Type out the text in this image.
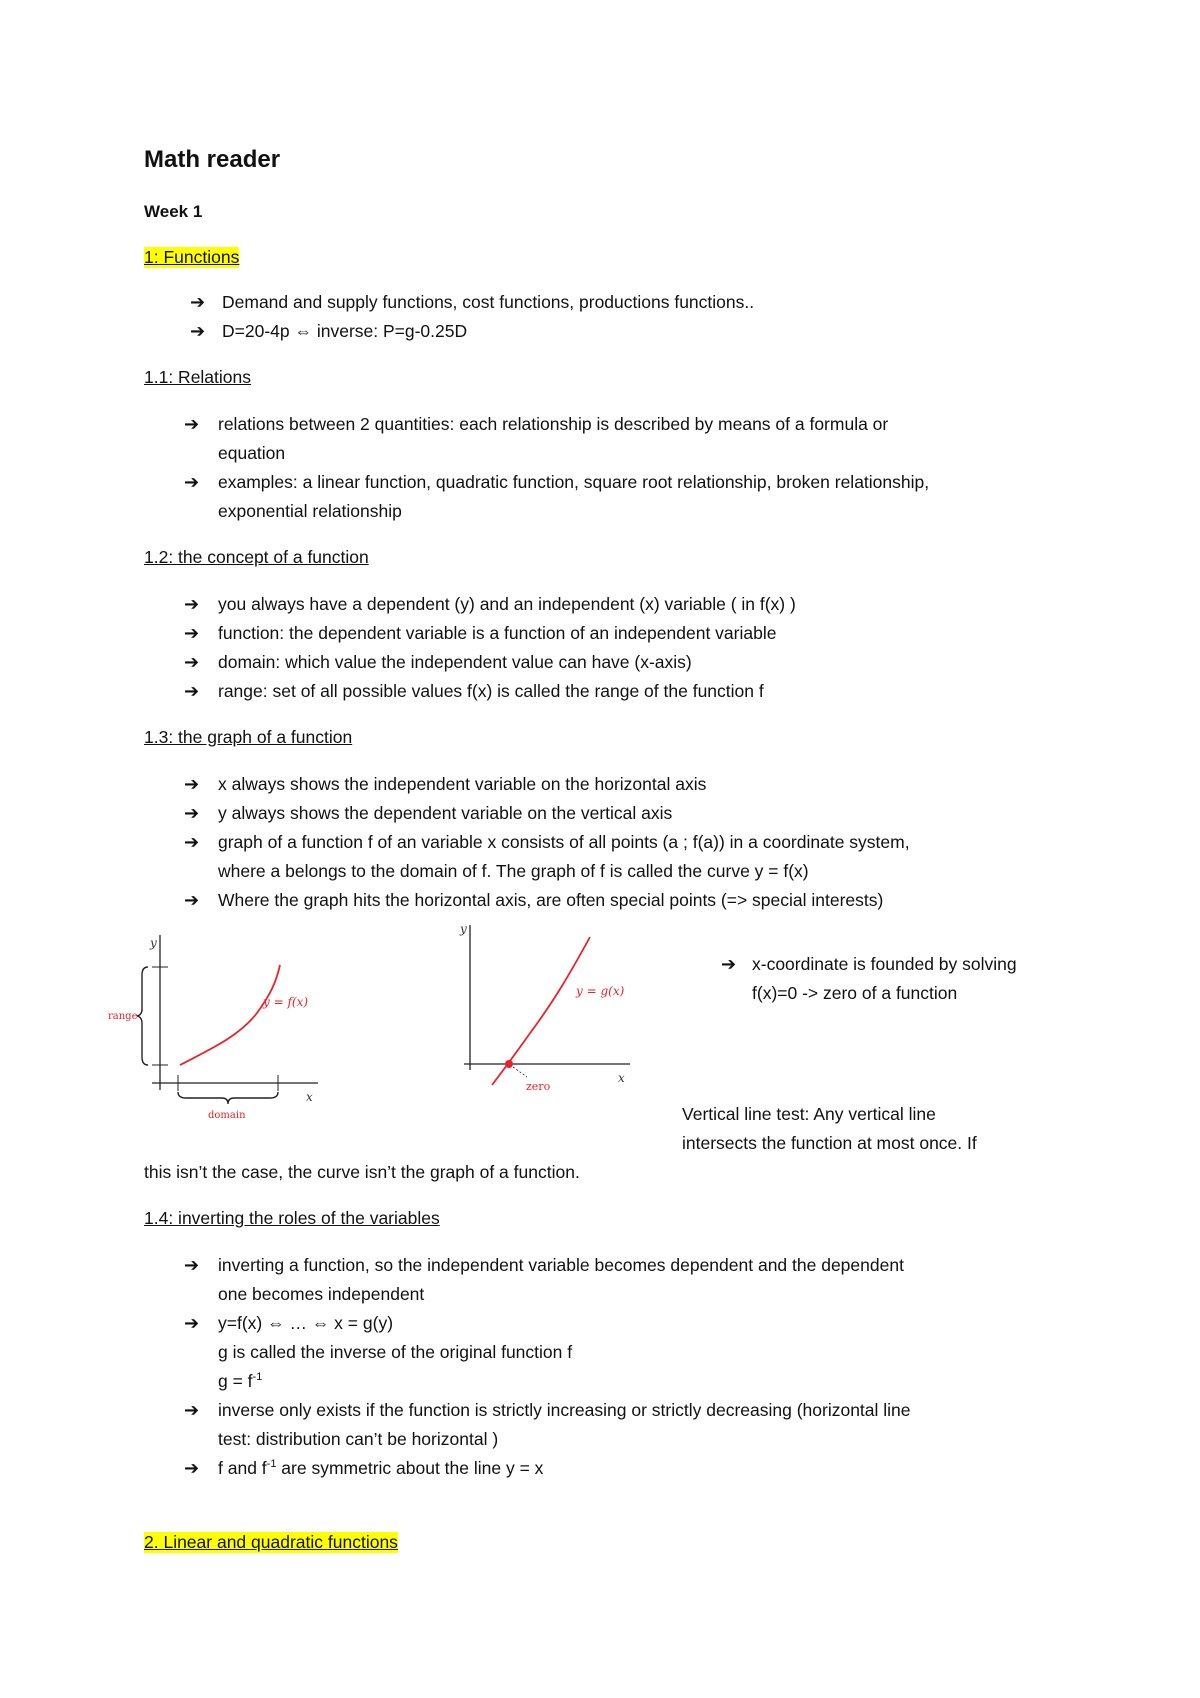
Math reader
Week 1
1: Functions
➔ Demand and supply functions, cost functions, productions functions..
➔ D=20-4p ⇔ inverse: P=g-0.25D
1.1: Relations
➔ relations between 2 quantities: each relationship is described by means of a formula or
equation
➔ examples: a linear function, quadratic function, square root relationship, broken relationship,
exponential relationship
1.2: the concept of a function
➔ you always have a dependent (y) and an independent (x) variable ( in f(x) )
➔ function: the dependent variable is a function of an independent variable
➔ domain: which value the independent value can have (x-axis)
➔ range: set of all possible values f(x) is called the range of the function f
1.3: the graph of a function
➔ x always shows the independent variable on the horizontal axis
➔ y always shows the dependent variable on the vertical axis
➔ graph of a function f of an variable x consists of all points (a ; f(a)) in a coordinate system,
where a belongs to the domain of f. The graph of f is called the curve y = f(x)
➔ Where the graph hits the horizontal axis, are often special points (=> special interests)
y
x
y = f(x)
range
domain
y
x
y = g(x)
zero
➔ x-coordinate is founded by solving
f(x)=0 -> zero of a function
Vertical line test: Any vertical line
intersects the function at most once. If
this isn’t the case, the curve isn’t the graph of a function.
1.4: inverting the roles of the variables
➔ inverting a function, so the independent variable becomes dependent and the dependent
one becomes independent
➔ y=f(x) ⇔ … ⇔ x = g(y)
g is called the inverse of the original function f
$g = f^{-1}$
➔ inverse only exists if the function is strictly increasing or strictly decreasing (horizontal line
test: distribution can’t be horizontal )
➔ f and $f^{-1}$ are symmetric about the line y = x
2. Linear and quadratic functions
